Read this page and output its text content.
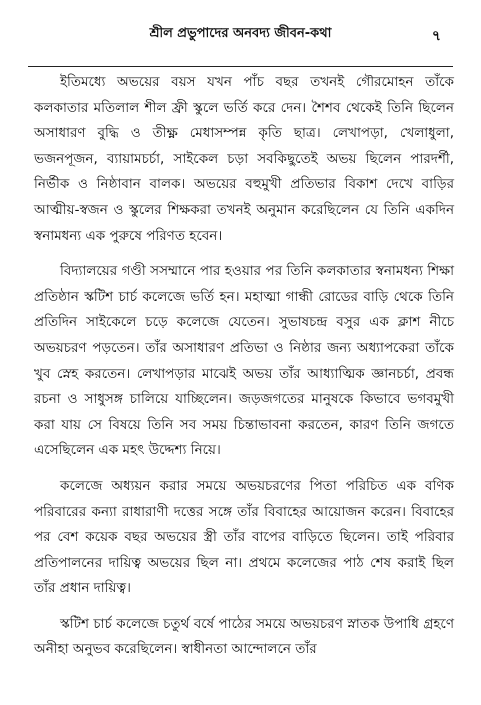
শ্রীল প্রভুপাদের অনবদ্য জীবন-কথা	৭

ইতিমধ্যে অভয়ের বয়স যখন পাঁচ বছর তখনই গৌরমোহন তাঁকে কলকাতার মতিলাল শীল ফ্রী স্কুলে ভর্তি করে দেন। শৈশব থেকেই তিনি ছিলেন অসাধারণ বুদ্ধি ও তীক্ষ্ণ মেধাসম্পন্ন কৃতি ছাত্র। লেখাপড়া, খেলাধুলা, ভজনপূজন, ব্যায়ামচর্চা, সাইকেল চড়া সবকিছুতেই অভয় ছিলেন পারদর্শী, নির্ভীক ও নিষ্ঠাবান বালক। অভয়ের বহুমুখী প্রতিভার বিকাশ দেখে বাড়ির আত্মীয়-স্বজন ও স্কুলের শিক্ষকরা তখনই অনুমান করেছিলেন যে তিনি একদিন স্বনামধন্য এক পুরুষে পরিণত হবেন।

বিদ্যালয়ের গণ্ডী সসম্মানে পার হওয়ার পর তিনি কলকাতার স্বনামধন্য শিক্ষা প্রতিষ্ঠান স্কটিশ চার্চ কলেজে ভর্তি হন। মহাত্মা গান্ধী রোডের বাড়ি থেকে তিনি প্রতিদিন সাইকেলে চড়ে কলেজে যেতেন। সুভাষচন্দ্র বসুর এক ক্লাশ নীচে অভয়চরণ পড়তেন। তাঁর অসাধারণ প্রতিভা ও নিষ্ঠার জন্য অধ্যাপকেরা তাঁকে খুব স্নেহ করতেন। লেখাপড়ার মাঝেই অভয় তাঁর আধ্যাত্মিক জ্ঞানচর্চা, প্রবন্ধ রচনা ও সাধুসঙ্গ চালিয়ে যাচ্ছিলেন। জড়জগতের মানুষকে কিভাবে ভগবমুখী করা যায় সে বিষয়ে তিনি সব সময় চিন্তাভাবনা করতেন, কারণ তিনি জগতে এসেছিলেন এক মহৎ উদ্দেশ্য নিয়ে।

কলেজে অধ্যয়ন করার সময়ে অভয়চরণের পিতা পরিচিত এক বণিক পরিবারের কন্যা রাধারাণী দত্তের সঙ্গে তাঁর বিবাহের আয়োজন করেন। বিবাহের পর বেশ কয়েক বছর অভয়ের স্ত্রী তাঁর বাপের বাড়িতে ছিলেন। তাই পরিবার প্রতিপালনের দায়িত্ব অভয়ের ছিল না। প্রথমে কলেজের পাঠ শেষ করাই ছিল তাঁর প্রধান দায়িত্ব।

স্কটিশ চার্চ কলেজে চতুর্থ বর্ষে পাঠের সময়ে অভয়চরণ স্নাতক উপাধি গ্রহণে অনীহা অনুভব করেছিলেন। স্বাধীনতা আন্দোলনে তাঁর
